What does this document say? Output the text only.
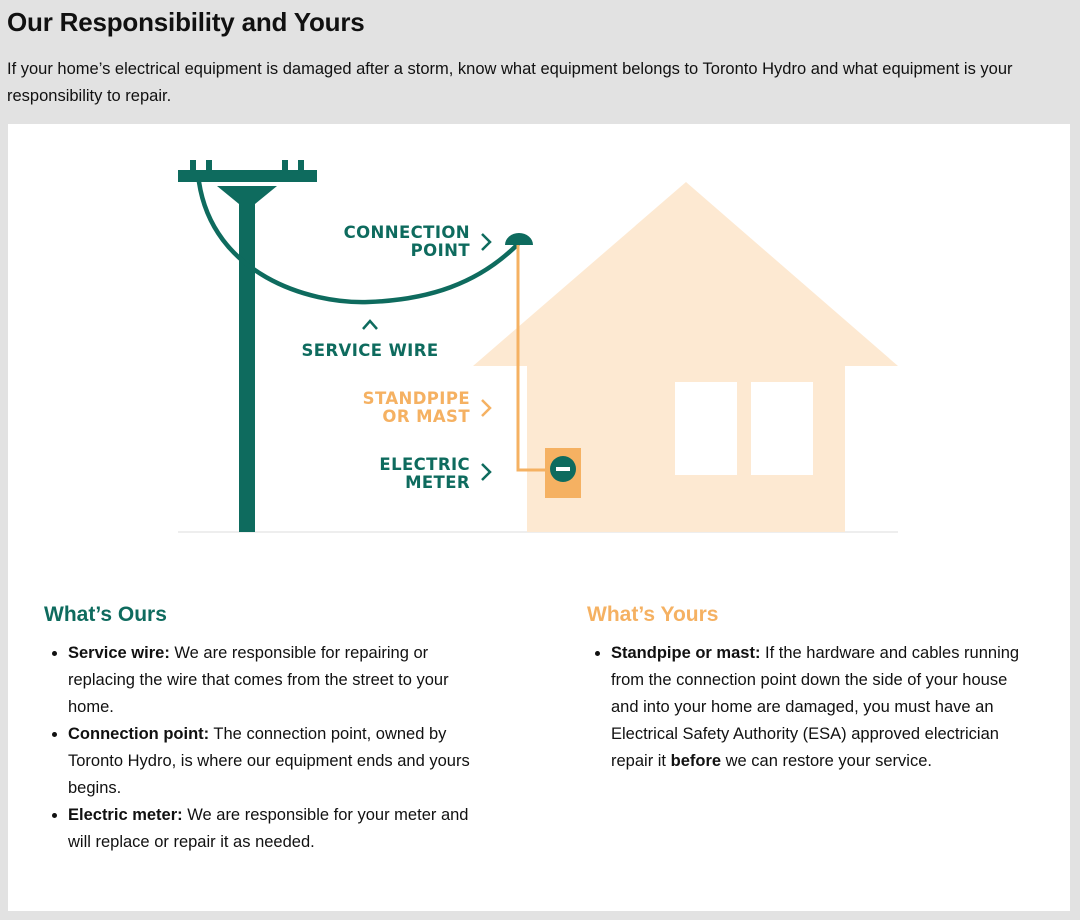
Our Responsibility and Yours

If your home’s electrical equipment is damaged after a storm, know what equipment belongs to Toronto Hydro and what equipment is your responsibility to repair.

CONNECTION
POINT
SERVICE WIRE
STANDPIPE
OR MAST
ELECTRIC
METER
What’s Ours
• Service wire: We are responsible for repairing or replacing the wire that comes from the street to your home.
• Connection point: The connection point, owned by Toronto Hydro, is where our equipment ends and yours begins.
• Electric meter: We are responsible for your meter and will replace or repair it as needed.
What’s Yours
• Standpipe or mast: If the hardware and cables running from the connection point down the side of your house and into your home are damaged, you must have an Electrical Safety Authority (ESA) approved electrician repair it before we can restore your service.
